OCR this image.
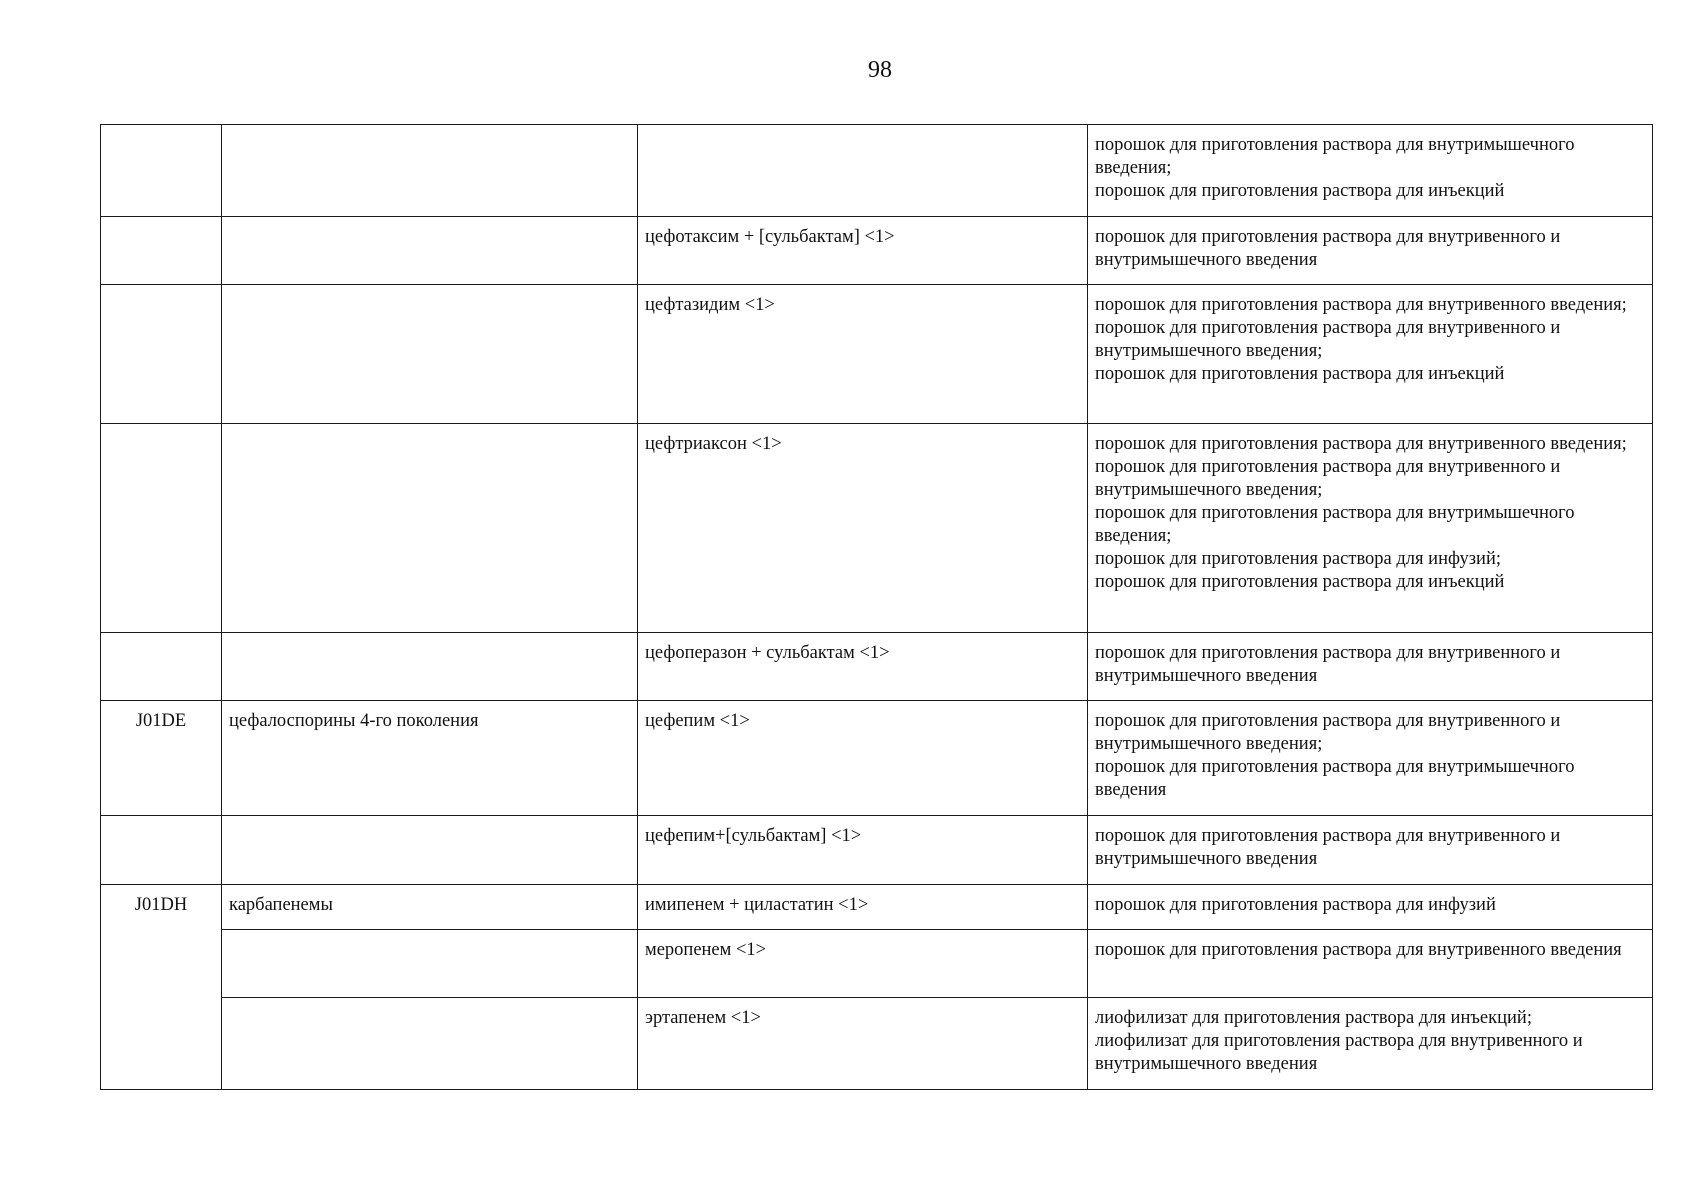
98

			порошок для приготовления раствора для внутримышечного введения;
порошок для приготовления раствора для инъекций

		цефотаксим + [сульбактам] <1>	порошок для приготовления раствора для внутривенного и внутримышечного введения

		цефтазидим <1>	порошок для приготовления раствора для внутривенного введения;
порошок для приготовления раствора для внутривенного и внутримышечного введения;
порошок для приготовления раствора для инъекций

		цефтриаксон <1>	порошок для приготовления раствора для внутривенного введения;
порошок для приготовления раствора для внутривенного и внутримышечного введения;
порошок для приготовления раствора для внутримышечного введения;
порошок для приготовления раствора для инфузий;
порошок для приготовления раствора для инъекций

		цефоперазон + сульбактам <1>	порошок для приготовления раствора для внутривенного и внутримышечного введения

J01DE	цефалоспорины 4-го поколения	цефепим <1>	порошок для приготовления раствора для внутривенного и внутримышечного введения;
порошок для приготовления раствора для внутримышечного введения

		цефепим+[сульбактам] <1>	порошок для приготовления раствора для внутривенного и внутримышечного введения

J01DH	карбапенемы	имипенем + циластатин <1>	порошок для приготовления раствора для инфузий

		меропенем <1>	порошок для приготовления раствора для внутривенного введения

		эртапенем <1>	лиофилизат для приготовления раствора для инъекций;
лиофилизат для приготовления раствора для внутривенного и внутримышечного введения
